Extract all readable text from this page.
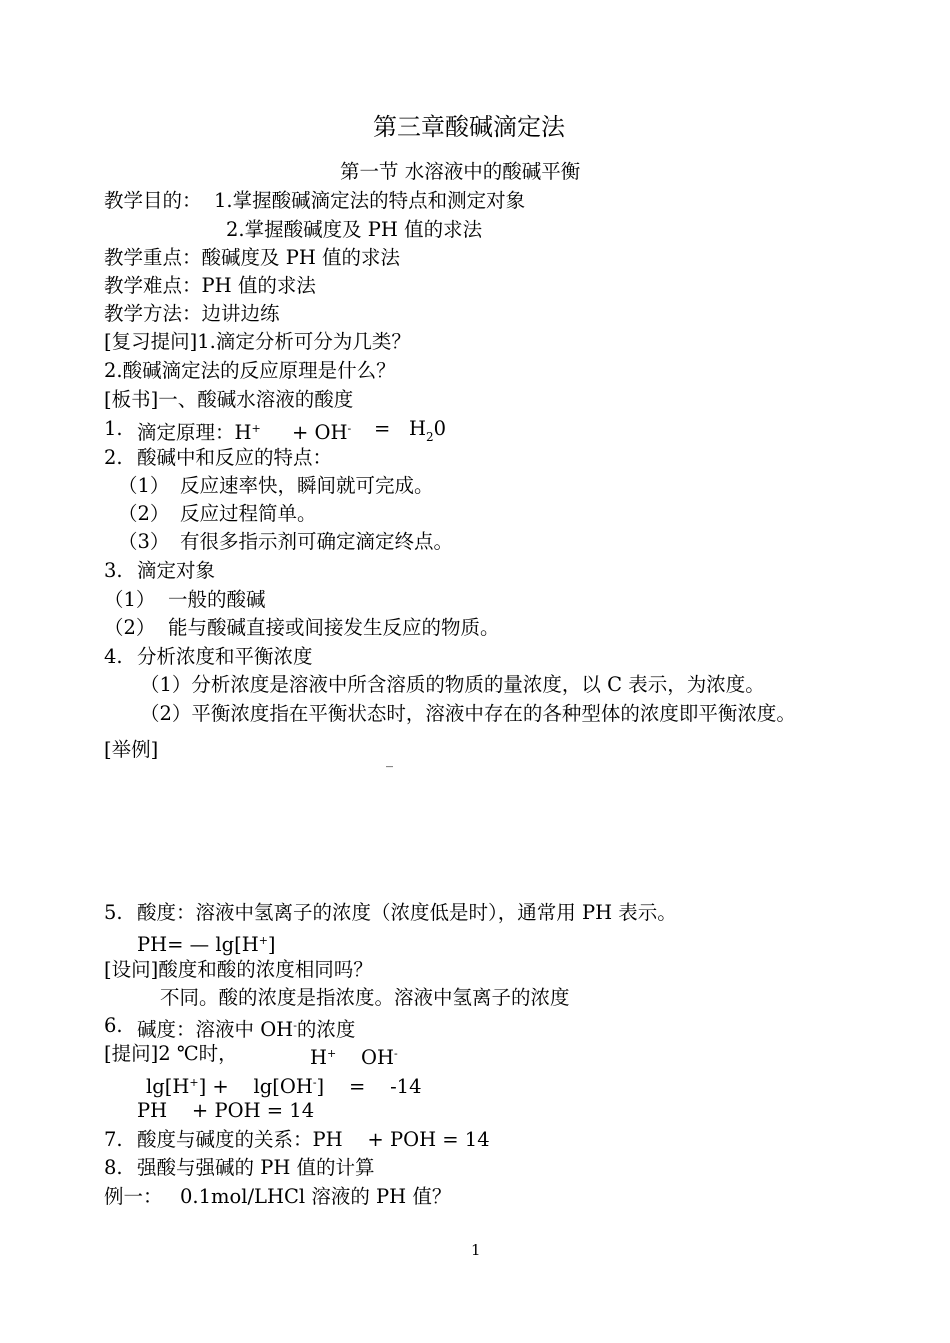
第三章酸碱滴定法
第一节 水溶液中的酸碱平衡
教学目的： 1.掌握酸碱滴定法的特点和测定对象
2.掌握酸碱度及 PH 值的求法
教学重点：酸碱度及 PH 值的求法
教学难点：PH 值的求法
教学方法：边讲边练
[复习提问]1.滴定分析可分为几类？
2.酸碱滴定法的反应原理是什么？
[板书]一、酸碱水溶液的酸度
1. 滴定原理：$H^+ + OH^- = H_20$
2. 酸碱中和反应的特点：
（1） 反应速率快，瞬间就可完成。
（2） 反应过程简单。
（3） 有很多指示剂可确定滴定终点。
3. 滴定对象
（1） 一般的酸碱
（2） 能与酸碱直接或间接发生反应的物质。
4. 分析浓度和平衡浓度
（1）分析浓度是溶液中所含溶质的物质的量浓度，以 C 表示，为浓度。
（2）平衡浓度指在平衡状态时，溶液中存在的各种型体的浓度即平衡浓度。
[举例]	_
5. 酸度：溶液中氢离子的浓度（浓度低是时），通常用 PH 表示。
PH= — lg[H+]
[设问]酸度和酸的浓度相同吗？
不同。酸的浓度是指浓度。溶液中氢离子的浓度
6. 碱度：溶液中 OH-的浓度
[提问]2 ℃时，	H+ OH-
lg[H+] +    lg[OH-]    =    -14
PH    + POH = 14
7. 酸度与碱度的关系：PH    + POH = 14
8. 强酸与强碱的 PH 值的计算
例一： 0.1mol/LHCl 溶液的 PH 值？
1
